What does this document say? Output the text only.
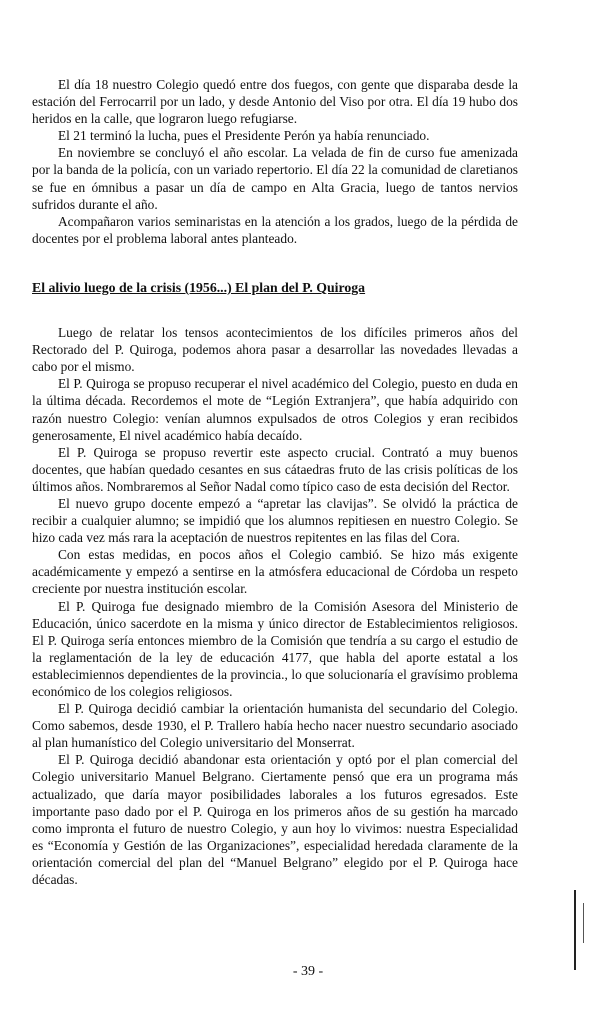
El día 18 nuestro Colegio quedó entre dos fuegos, con gente que disparaba desde la estación del Ferrocarril por un lado, y desde Antonio del Viso por otra. El día 19 hubo dos heridos en la calle, que lograron luego refugiarse.

El 21 terminó la lucha, pues el Presidente Perón ya había renunciado.

En noviembre se concluyó el año escolar. La velada de fin de curso fue amenizada por la banda de la policía, con un variado repertorio. El día 22 la comunidad de claretianos se fue en ómnibus a pasar un día de campo en Alta Gracia, luego de tantos nervios sufridos durante el año.

Acompañaron varios seminaristas en la atención a los grados, luego de la pérdida de docentes por el problema laboral antes planteado.

El alivio luego de la crisis (1956...) El plan del P. Quiroga

Luego de relatar los tensos acontecimientos de los difíciles primeros años del Rectorado del P. Quiroga, podemos ahora pasar a desarrollar las novedades llevadas a cabo por el mismo.

El P. Quiroga se propuso recuperar el nivel académico del Colegio, puesto en duda en la última década. Recordemos el mote de “Legión Extranjera”, que había adquirido con razón nuestro Colegio: venían alumnos expulsados de otros Colegios y eran recibidos generosamente, El nivel académico había decaído.

El P. Quiroga se propuso revertir este aspecto crucial. Contrató a muy buenos docentes, que habían quedado cesantes en sus cátaedras fruto de las crisis políticas de los últimos años. Nombraremos al Señor Nadal como típico caso de esta decisión del Rector.

El nuevo grupo docente empezó a “apretar las clavijas”. Se olvidó la práctica de recibir a cualquier alumno; se impidió que los alumnos repitiesen en nuestro Colegio. Se hizo cada vez más rara la aceptación de nuestros repitentes en las filas del Cora.

Con estas medidas, en pocos años el Colegio cambió. Se hizo más exigente académicamente y empezó a sentirse en la atmósfera educacional de Córdoba un respeto creciente por nuestra institución escolar.

El P. Quiroga fue designado miembro de la Comisión Asesora del Ministerio de Educación, único sacerdote en la misma y único director de Establecimientos religiosos. El P. Quiroga sería entonces miembro de la Comisión que tendría a su cargo el estudio de la reglamentación de la ley de educación 4177, que habla del aporte estatal a los establecimiennos dependientes de la provincia., lo que solucionaría el gravísimo problema económico de los colegios religiosos.

El P. Quiroga decidió cambiar la orientación humanista del secundario del Colegio. Como sabemos, desde 1930, el P. Trallero había hecho nacer nuestro secundario asociado al plan humanístico del Colegio universitario del Monserrat.

El P. Quiroga decidió abandonar esta orientación y optó por el plan comercial del Colegio universitario Manuel Belgrano. Ciertamente pensó que era un programa más actualizado, que daría mayor posibilidades laborales a los futuros egresados. Este importante paso dado por el P. Quiroga en los primeros años de su gestión ha marcado como impronta el futuro de nuestro Colegio, y aun hoy lo vivimos: nuestra Especialidad es “Economía y Gestión de las Organizaciones”, especialidad heredada claramente de la orientación comercial del plan del “Manuel Belgrano” elegido por el P. Quiroga hace décadas.

- 39 -
